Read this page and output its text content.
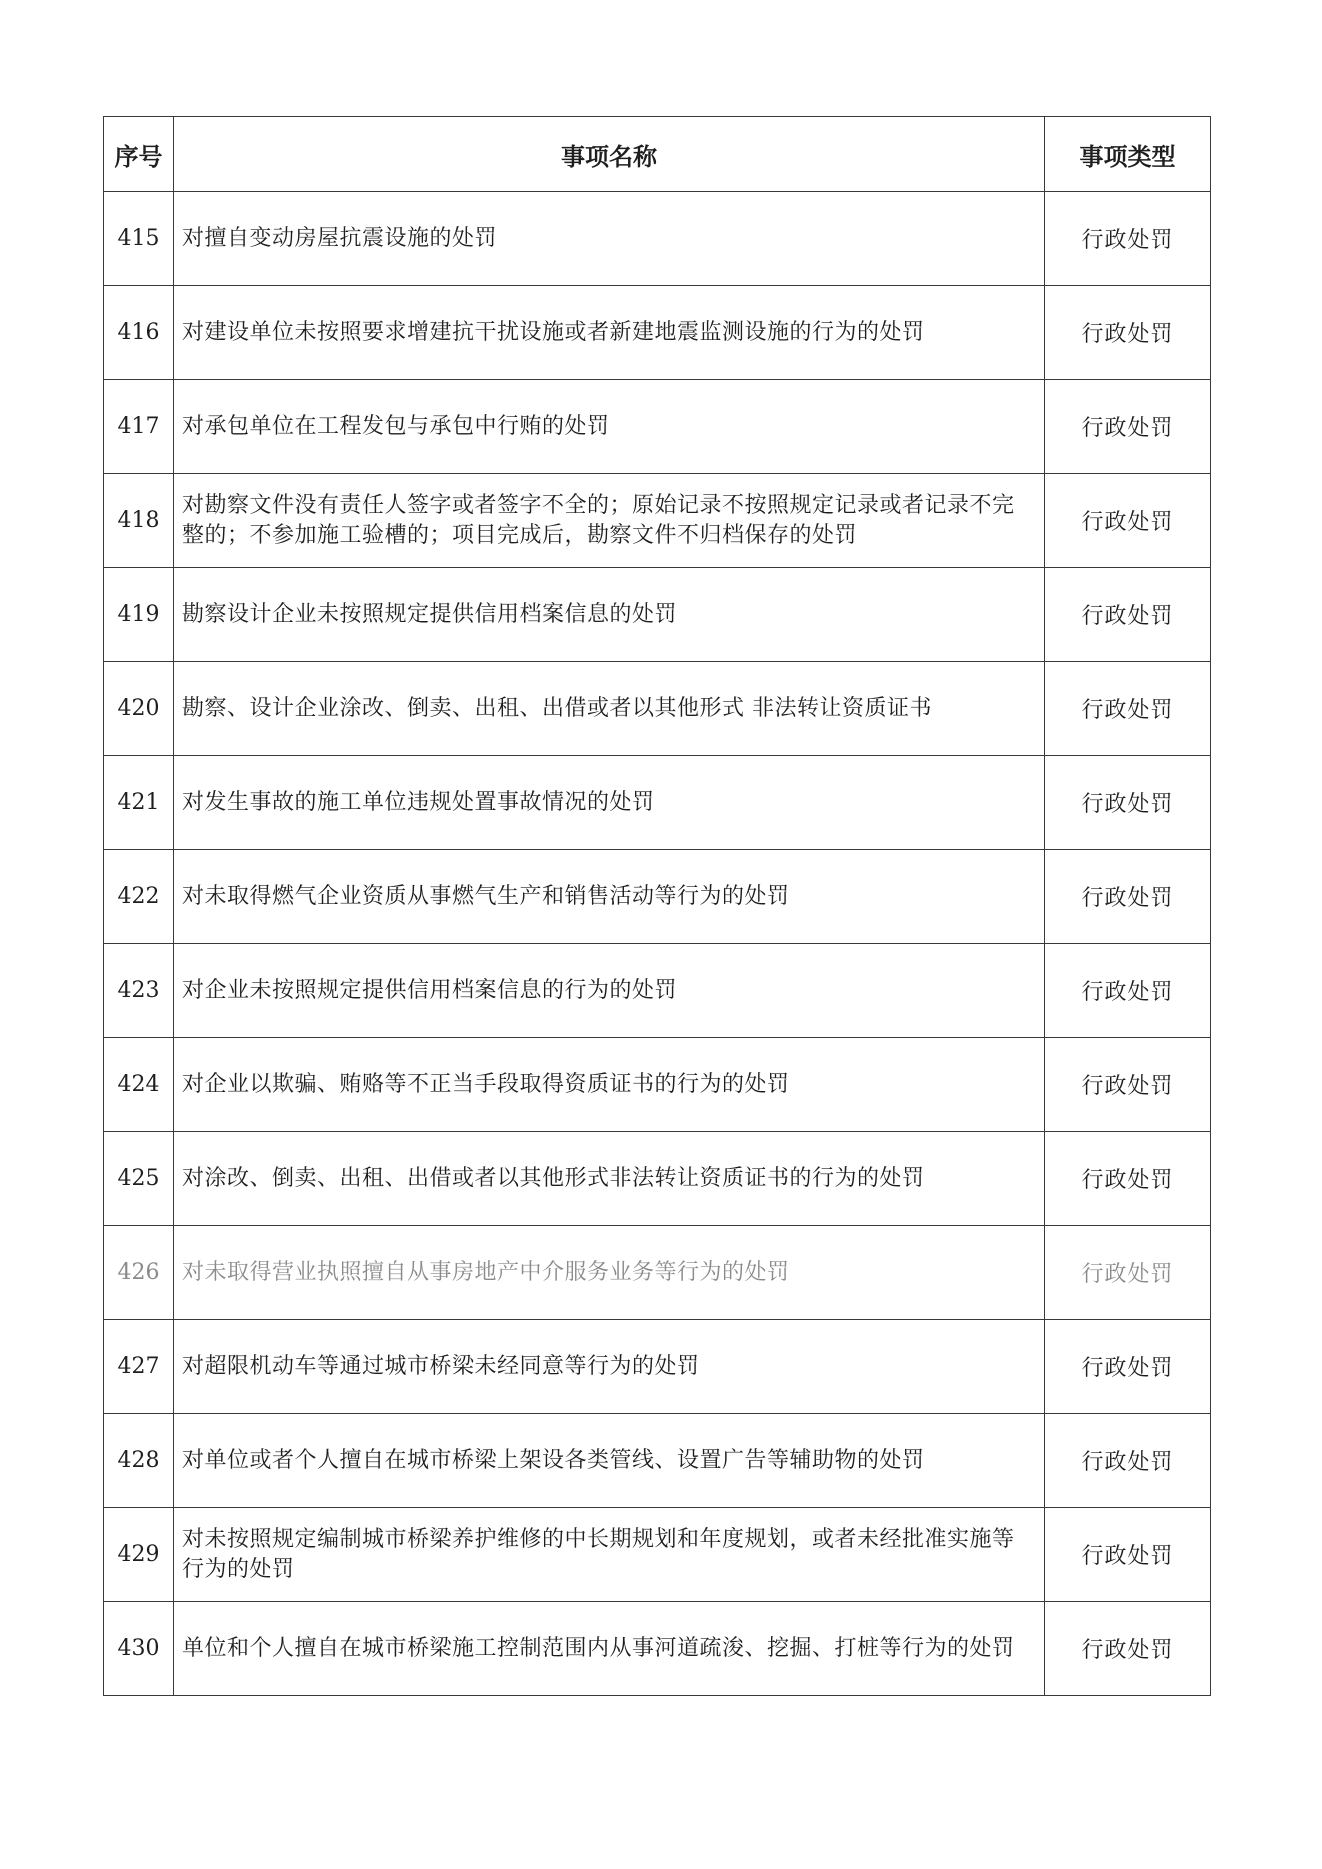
序号	事项名称	事项类型
415	对擅自变动房屋抗震设施的处罚	行政处罚
416	对建设单位未按照要求增建抗干扰设施或者新建地震监测设施的行为的处罚	行政处罚
417	对承包单位在工程发包与承包中行贿的处罚	行政处罚
418	对勘察文件没有责任人签字或者签字不全的；原始记录不按照规定记录或者记录不完整的；不参加施工验槽的；项目完成后，勘察文件不归档保存的处罚	行政处罚
419	勘察设计企业未按照规定提供信用档案信息的处罚	行政处罚
420	勘察、设计企业涂改、倒卖、出租、出借或者以其他形式 非法转让资质证书	行政处罚
421	对发生事故的施工单位违规处置事故情况的处罚	行政处罚
422	对未取得燃气企业资质从事燃气生产和销售活动等行为的处罚	行政处罚
423	对企业未按照规定提供信用档案信息的行为的处罚	行政处罚
424	对企业以欺骗、贿赂等不正当手段取得资质证书的行为的处罚	行政处罚
425	对涂改、倒卖、出租、出借或者以其他形式非法转让资质证书的行为的处罚	行政处罚
426	对未取得营业执照擅自从事房地产中介服务业务等行为的处罚	行政处罚
427	对超限机动车等通过城市桥梁未经同意等行为的处罚	行政处罚
428	对单位或者个人擅自在城市桥梁上架设各类管线、设置广告等辅助物的处罚	行政处罚
429	对未按照规定编制城市桥梁养护维修的中长期规划和年度规划，或者未经批准实施等行为的处罚	行政处罚
430	单位和个人擅自在城市桥梁施工控制范围内从事河道疏浚、挖掘、打桩等行为的处罚	行政处罚
